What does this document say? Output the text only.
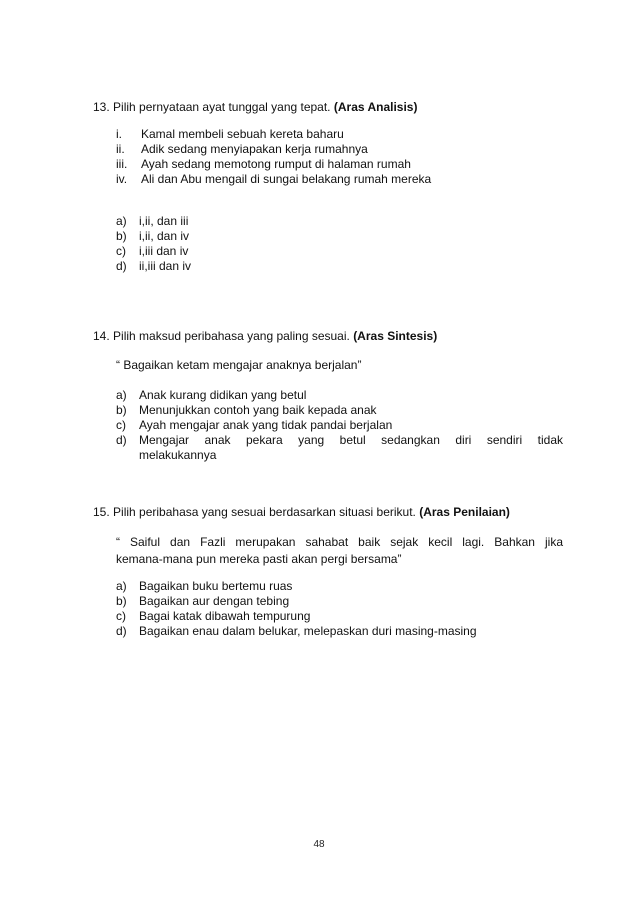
13. Pilih pernyataan ayat tunggal yang tepat. (Aras Analisis)
i. Kamal membeli sebuah kereta baharu
ii. Adik sedang menyiapakan kerja rumahnya
iii. Ayah sedang memotong rumput di halaman rumah
iv. Ali dan Abu mengail di sungai belakang rumah mereka
a) i,ii, dan iii
b) i,ii, dan iv
c) i,iii dan iv
d) ii,iii dan iv
14. Pilih maksud peribahasa yang paling sesuai. (Aras Sintesis)
“ Bagaikan ketam mengajar anaknya berjalan”
a) Anak kurang didikan yang betul
b) Menunjukkan contoh yang baik kepada anak
c) Ayah mengajar anak yang tidak pandai berjalan
d) Mengajar anak pekara yang betul sedangkan diri sendiri tidak
melakukannya
15. Pilih peribahasa yang sesuai berdasarkan situasi berikut. (Aras Penilaian)
“ Saiful dan Fazli merupakan sahabat baik sejak kecil lagi. Bahkan jika
kemana-mana pun mereka pasti akan pergi bersama”
a) Bagaikan buku bertemu ruas
b) Bagaikan aur dengan tebing
c) Bagai katak dibawah tempurung
d) Bagaikan enau dalam belukar, melepaskan duri masing-masing
48
